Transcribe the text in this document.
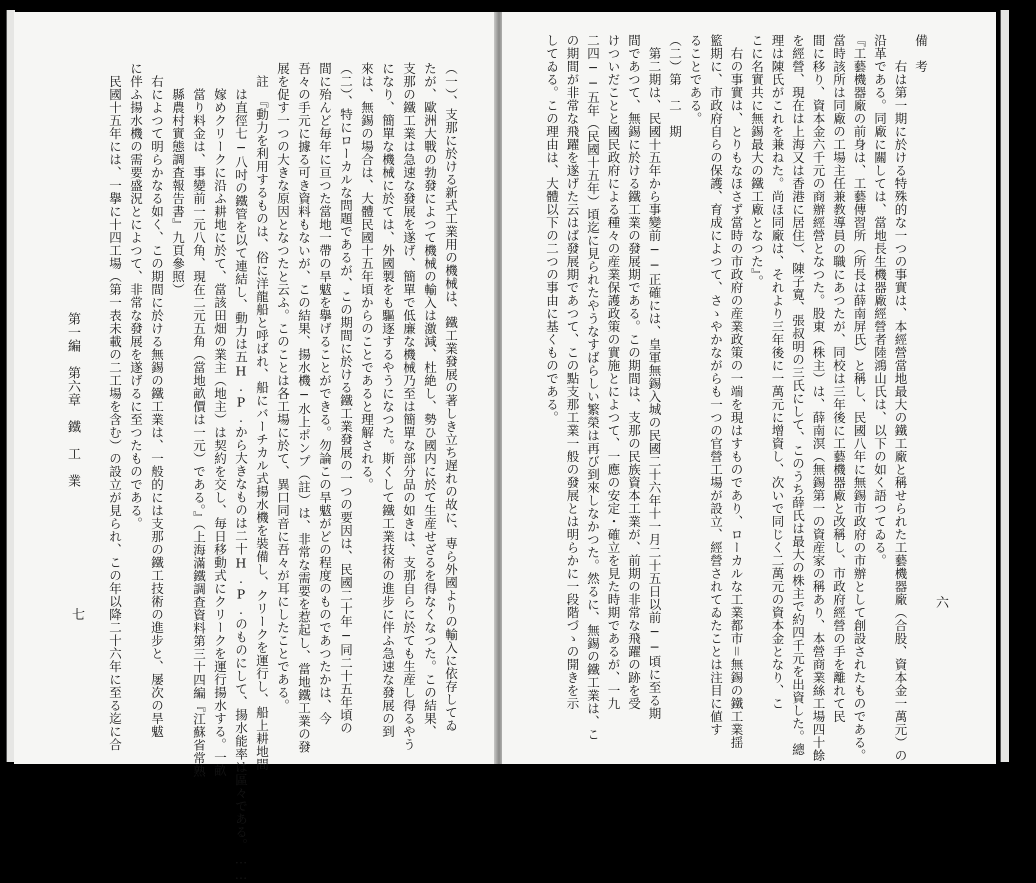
七
第一編　第六章　鐵　工　業	（一）、支那に於ける新式工業用の機械は、鐵工業發展の著しき立ち遅れの故に、専ら外國よりの輸入に依存してゐ
たが、歐洲大戰の勃發によつて機械の輸入は激減、杜絶し、勢ひ國内に於て生産せざるを得なくなつた。この結果、
支那の鐵工業は急速な發展を遂げ、簡單で低廉な機械乃至は簡單な部分品の如きは、支那自らに於ても生産し得るやう
になり、簡單な機械に於ては、外國製をも驅逐するやうになつた。斯くして鐵工業技術の進步に伴ふ急速な發展の到
來は、無錫の場合は、大體民國十五年頃からのことであると理解される。
（二）、特にローカルな問題であるが、この期間に於ける鐵工業發展の一つの要因は、民國二十年─同二十五年頃の
間に殆んど毎年に亘つた當地一帶の旱魃を擧げることができる。勿論この旱魃がどの程度のものであつたかは、今
吾々の手元に據る可き資料もないが、この結果、揚水機─水上ポンプ（註）は、非常な需要を惹起し、當地鐵工業の發
展を促す一つの大きな原因となつたと云ふ。このことは各工場に於て、異口同音に吾々が耳にしたことである。
　註　『動力を利用するものは、俗に洋龍船と呼ばれ、船にバーチカル式揚水機を裝備し、クリークを運行し、船上耕地間
　　は直徑七─八吋の鐵管を以て連結し、動力は五H.P.から大きなものは二十H.P.のものにして、揚水能率は區々である。……
　　嫁めクリークに沿ふ耕地に於て、當該田畑の業主（地主）は契約を交し、毎日移動式にクリークを運行揚水する。一畝
　　當り料金は、事變前一元八角、現在二元五角（當地畝價は一元）である。』（上海滿鐵調査資料第三十四編『江蘇省常熟
　　縣農村實態調査報告書』九頁參照）
　右によつて明らかなる如く、この期間に於ける無錫の鐵工業は、一般的には支那の鐵工技術の進步と、屡次の旱魃
に伴ふ揚水機の需要盛況とによつて、非常な發展を遂げるに至つたものである。
　民國十五年には、一擧に十四工場（第一表未載の二工場を含む）の設立が見られ、この年以降二十六年に至る迄に合	六
備　考
　　右は第一期に於ける特殊的な一つの事實は、本經營當地最大の鐵工廠と稱せられた工藝機器廠（合股、資本金一萬元）の
沿革である。同廠に關しては、當地長生機器廠經營者陸鴻山氏は、以下の如く語つてゐる。
『工藝機器廠の前身は、工藝傳習所（所長は薛南屏氏）と稱し、民國八年に無錫市政府の市辦として創設されたものである。
當時該所は同廠の工場主任兼教導員の職にあつたが、同校は三年後に工藝機器廠と改稱し、市政府經營の手を離れて民
間に移り、資本金六千元の商辦經營となつた。股東（株主）は、薛南溟（無錫第一の資産家の稱あり、本營商業絲工場四十餘
を經營、現在は上海又は香港に居住）、陳子寛、張叔明の三氏にして、このうち薛氏は最大の株主で約四千元を出資した。總
理は陳氏がこれを兼ねた。尚ほ同廠は、それより三年後に一萬元に增資し、次いで同じく二萬元の資本金となり、こ
こに名實共に無錫最大の鐵工廠となつた』。
　右の事實は、とりもなほさず當時の市政府の産業政策の一端を現はすものであり、ローカルな工業都市＝無錫の鐵工業揺
籃期に、市政府自らの保護、育成によつて、さゝやかながらも一つの官營工場が設立、經營されてゐたことは注目に値す
ることである。
（二）第　二　期
　第二期は、民國十五年から事變前──正確には、皇軍無錫入城の民國二十六年十一月二十五日以前──頃に至る期
間であつて、無錫に於ける鐵工業の發展期である。この期間は、支那の民族資本工業が、前期の非常な飛躍の跡を受
けついだことと國民政府による種々の産業保護政策の實施とによつて、一應の安定・確立を見た時期であるが、一九
二四──五年（民國十五年）頃迄に見られたやうなすばらしい繁榮は再び到來しなかつた。然るに、無錫の鐵工業は、こ
の期間が非常な飛躍を遂げた云はば發展期であつて、この點支那工業一般の發展とは明らかに一段階づゝの開きを示
してゐる。この理由は、大體以下の二つの事由に基くものである。
